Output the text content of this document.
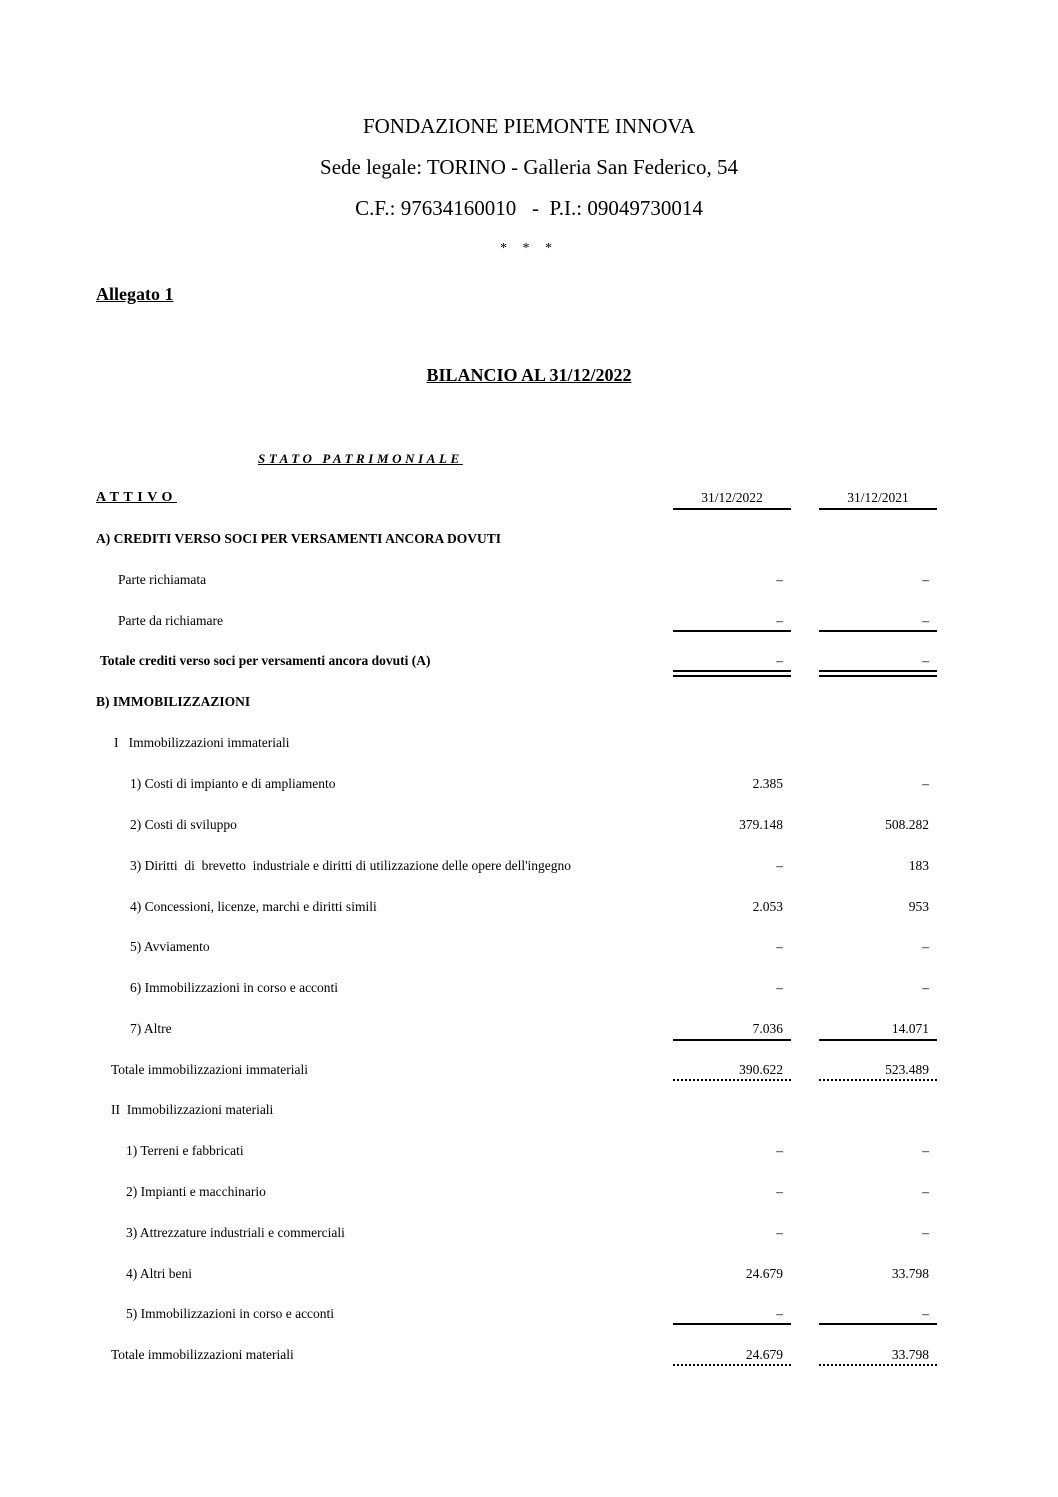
FONDAZIONE PIEMONTE INNOVA
Sede legale: TORINO - Galleria San Federico, 54
C.F.: 97634160010   -  P.I.: 09049730014
* * *
Allegato 1
BILANCIO AL 31/12/2022
STATO PATRIMONIALE
ATTIVO	31/12/2022	31/12/2021
A) CREDITI VERSO SOCI PER VERSAMENTI ANCORA DOVUTI
Parte richiamata	–	–
Parte da richiamare	–	–
Totale crediti verso soci per versamenti ancora dovuti (A)	–	–
B) IMMOBILIZZAZIONI
I   Immobilizzazioni immateriali
1) Costi di impianto e di ampliamento	2.385	–
2) Costi di sviluppo	379.148	508.282
3) Diritti  di  brevetto  industriale e diritti di utilizzazione delle opere dell'ingegno	–	183
4) Concessioni, licenze, marchi e diritti simili	2.053	953
5) Avviamento	–	–
6) Immobilizzazioni in corso e acconti	–	–
7) Altre	7.036	14.071
Totale immobilizzazioni immateriali	390.622	523.489
II  Immobilizzazioni materiali
1) Terreni e fabbricati	–	–
2) Impianti e macchinario	–	–
3) Attrezzature industriali e commerciali	–	–
4) Altri beni	24.679	33.798
5) Immobilizzazioni in corso e acconti	–	–
Totale immobilizzazioni materiali	24.679	33.798
